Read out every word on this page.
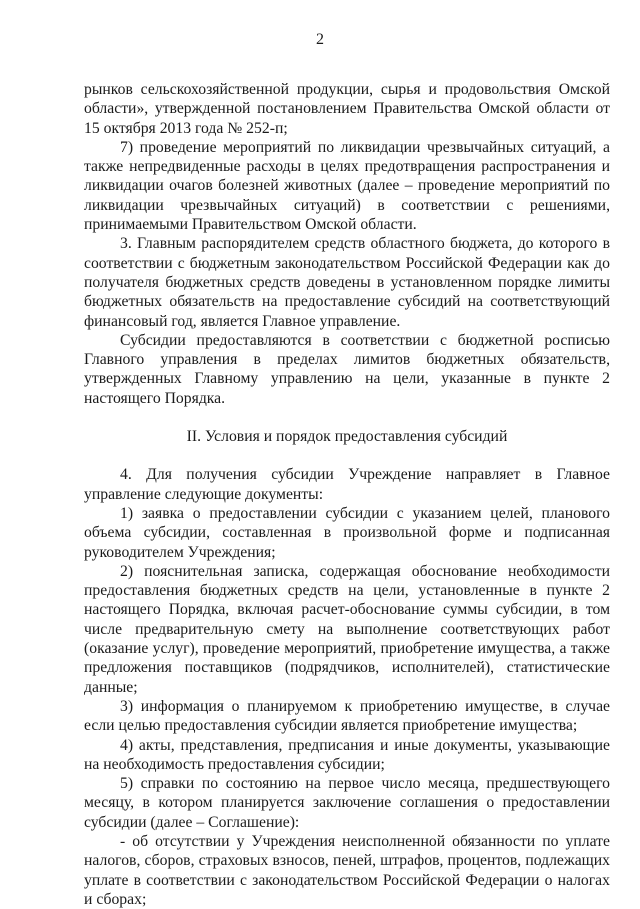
2

рынков сельскохозяйственной продукции, сырья и продовольствия Омской области», утвержденной постановлением Правительства Омской области от 15 октября 2013 года № 252-п;

7) проведение мероприятий по ликвидации чрезвычайных ситуаций, а также непредвиденные расходы в целях предотвращения распространения и ликвидации очагов болезней животных (далее – проведение мероприятий по ликвидации чрезвычайных ситуаций) в соответствии с решениями, принимаемыми Правительством Омской области.

3. Главным распорядителем средств областного бюджета, до которого в соответствии с бюджетным законодательством Российской Федерации как до получателя бюджетных средств доведены в установленном порядке лимиты бюджетных обязательств на предоставление субсидий на соответствующий финансовый год, является Главное управление.

Субсидии предоставляются в соответствии с бюджетной росписью Главного управления в пределах лимитов бюджетных обязательств, утвержденных Главному управлению на цели, указанные в пункте 2 настоящего Порядка.

II. Условия и порядок предоставления субсидий

4. Для получения субсидии Учреждение направляет в Главное управление следующие документы:

1) заявка о предоставлении субсидии с указанием целей, планового объема субсидии, составленная в произвольной форме и подписанная руководителем Учреждения;

2) пояснительная записка, содержащая обоснование необходимости предоставления бюджетных средств на цели, установленные в пункте 2 настоящего Порядка, включая расчет-обоснование суммы субсидии, в том числе предварительную смету на выполнение соответствующих работ (оказание услуг), проведение мероприятий, приобретение имущества, а также предложения поставщиков (подрядчиков, исполнителей), статистические данные;

3) информация о планируемом к приобретению имуществе, в случае если целью предоставления субсидии является приобретение имущества;

4) акты, представления, предписания и иные документы, указывающие на необходимость предоставления субсидии;

5) справки по состоянию на первое число месяца, предшествующего месяцу, в котором планируется заключение соглашения о предоставлении субсидии (далее – Соглашение):

- об отсутствии у Учреждения неисполненной обязанности по уплате налогов, сборов, страховых взносов, пеней, штрафов, процентов, подлежащих уплате в соответствии с законодательством Российской Федерации о налогах и сборах;
